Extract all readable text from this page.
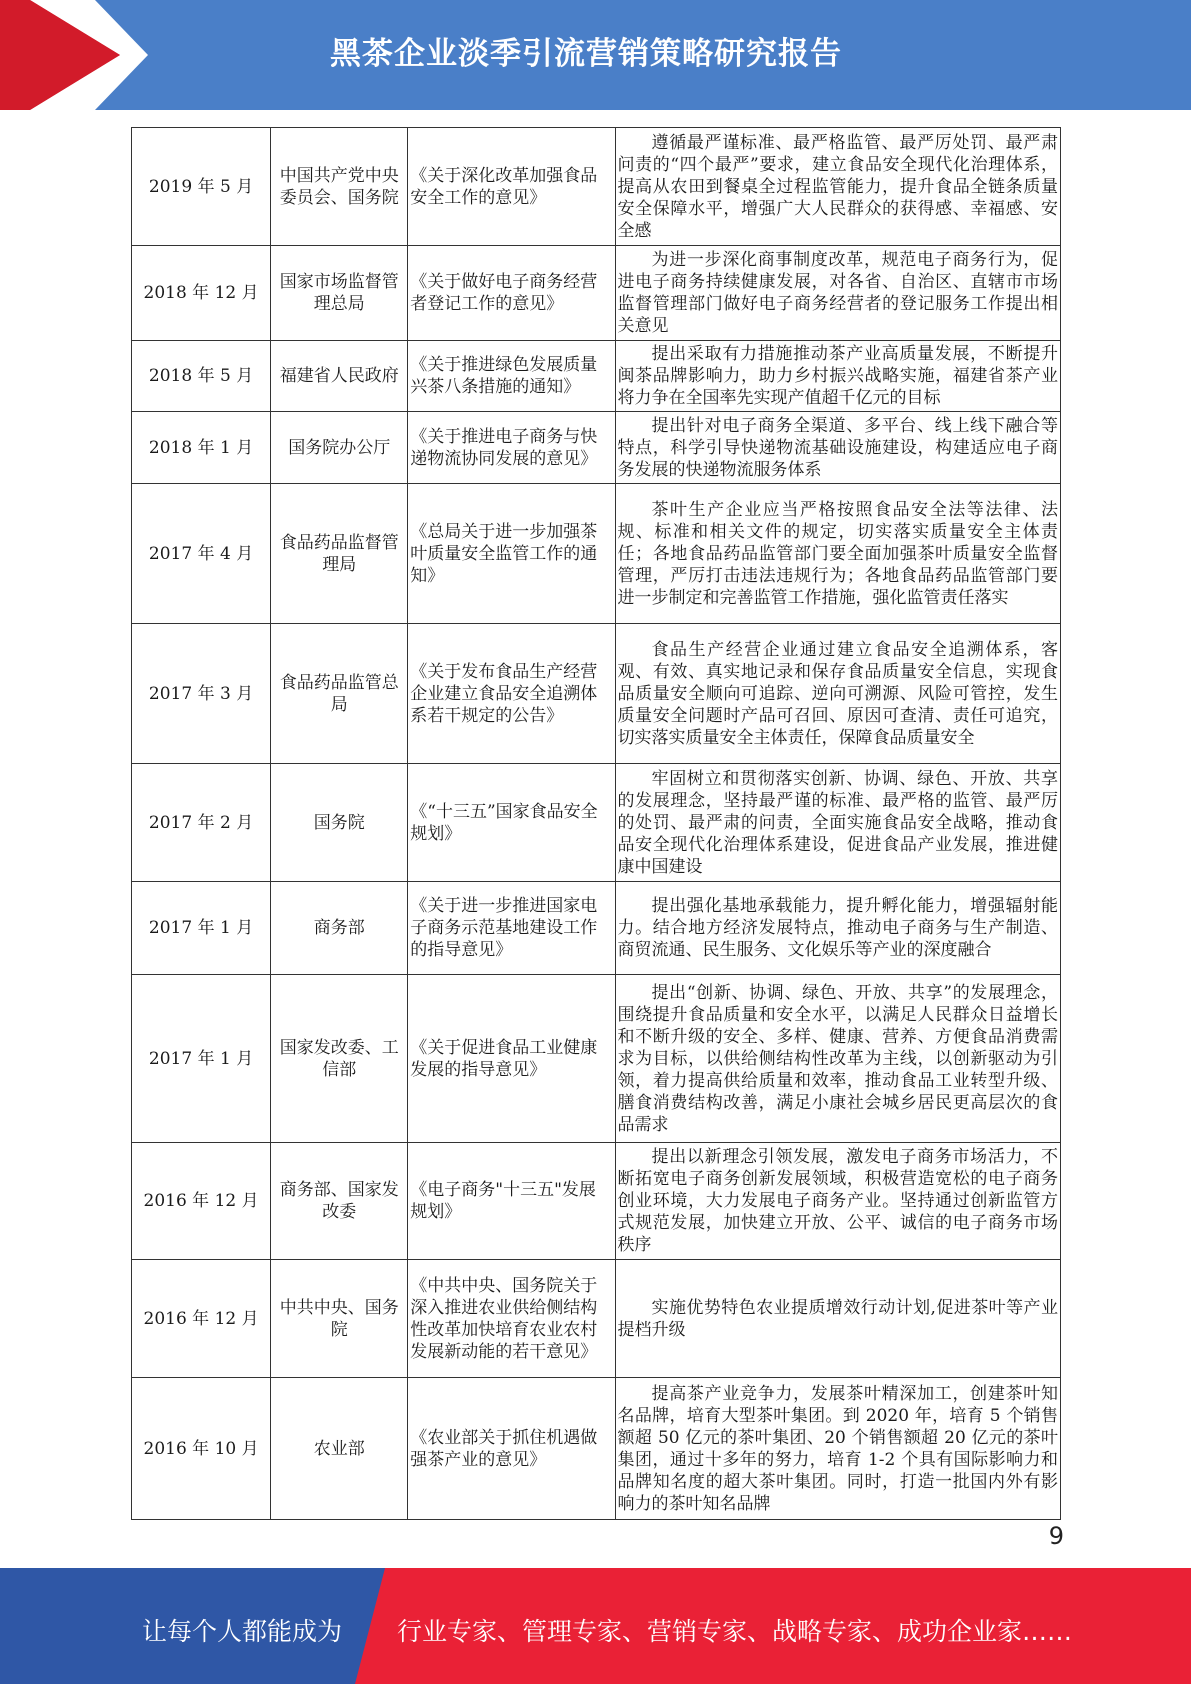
黑茶企业淡季引流营销策略研究报告
2019 年 5 月	中国共产党中央委员会、国务院	《关于深化改革加强食品安全工作的意见》	遵循最严谨标准、最严格监管、最严厉处罚、最严肃问责的“四个最严”要求，建立食品安全现代化治理体系，提高从农田到餐桌全过程监管能力，提升食品全链条质量安全保障水平，增强广大人民群众的获得感、幸福感、安全感
2018 年 12 月	国家市场监督管理总局	《关于做好电子商务经营者登记工作的意见》	为进一步深化商事制度改革，规范电子商务行为，促进电子商务持续健康发展，对各省、自治区、直辖市市场监督管理部门做好电子商务经营者的登记服务工作提出相关意见
2018 年 5 月	福建省人民政府	《关于推进绿色发展质量兴茶八条措施的通知》	提出采取有力措施推动茶产业高质量发展，不断提升闽茶品牌影响力，助力乡村振兴战略实施，福建省茶产业将力争在全国率先实现产值超千亿元的目标
2018 年 1 月	国务院办公厅	《关于推进电子商务与快递物流协同发展的意见》	提出针对电子商务全渠道、多平台、线上线下融合等特点，科学引导快递物流基础设施建设，构建适应电子商务发展的快递物流服务体系
2017 年 4 月	食品药品监督管理局	《总局关于进一步加强茶叶质量安全监管工作的通知》	茶叶生产企业应当严格按照食品安全法等法律、法规、标准和相关文件的规定，切实落实质量安全主体责任；各地食品药品监管部门要全面加强茶叶质量安全监督管理，严厉打击违法违规行为；各地食品药品监管部门要进一步制定和完善监管工作措施，强化监管责任落实
2017 年 3 月	食品药品监管总局	《关于发布食品生产经营企业建立食品安全追溯体系若干规定的公告》	食品生产经营企业通过建立食品安全追溯体系，客观、有效、真实地记录和保存食品质量安全信息，实现食品质量安全顺向可追踪、逆向可溯源、风险可管控，发生质量安全问题时产品可召回、原因可查清、责任可追究，切实落实质量安全主体责任，保障食品质量安全
2017 年 2 月	国务院	《“十三五”国家食品安全规划》	牢固树立和贯彻落实创新、协调、绿色、开放、共享的发展理念，坚持最严谨的标准、最严格的监管、最严厉的处罚、最严肃的问责，全面实施食品安全战略，推动食品安全现代化治理体系建设，促进食品产业发展，推进健康中国建设
2017 年 1 月	商务部	《关于进一步推进国家电子商务示范基地建设工作的指导意见》	提出强化基地承载能力，提升孵化能力，增强辐射能力。结合地方经济发展特点，推动电子商务与生产制造、商贸流通、民生服务、文化娱乐等产业的深度融合
2017 年 1 月	国家发改委、工信部	《关于促进食品工业健康发展的指导意见》	提出“创新、协调、绿色、开放、共享”的发展理念，围绕提升食品质量和安全水平，以满足人民群众日益增长和不断升级的安全、多样、健康、营养、方便食品消费需求为目标，以供给侧结构性改革为主线，以创新驱动为引领，着力提高供给质量和效率，推动食品工业转型升级、膳食消费结构改善，满足小康社会城乡居民更高层次的食品需求
2016 年 12 月	商务部、国家发改委	《电子商务"十三五"发展规划》	提出以新理念引领发展，激发电子商务市场活力，不断拓宽电子商务创新发展领域，积极营造宽松的电子商务创业环境，大力发展电子商务产业。坚持通过创新监管方式规范发展，加快建立开放、公平、诚信的电子商务市场秩序
2016 年 12 月	中共中央、国务院	《中共中央、国务院关于深入推进农业供给侧结构性改革加快培育农业农村发展新动能的若干意见》	实施优势特色农业提质增效行动计划,促进茶叶等产业提档升级
2016 年 10 月	农业部	《农业部关于抓住机遇做强茶产业的意见》	提高茶产业竞争力，发展茶叶精深加工，创建茶叶知名品牌，培育大型茶叶集团。到 2020 年，培育 5 个销售额超 50 亿元的茶叶集团、20 个销售额超 20 亿元的茶叶集团，通过十多年的努力，培育 1-2 个具有国际影响力和品牌知名度的超大茶叶集团。同时，打造一批国内外有影响力的茶叶知名品牌
9
让每个人都能成为 行业专家、管理专家、营销专家、战略专家、成功企业家……
